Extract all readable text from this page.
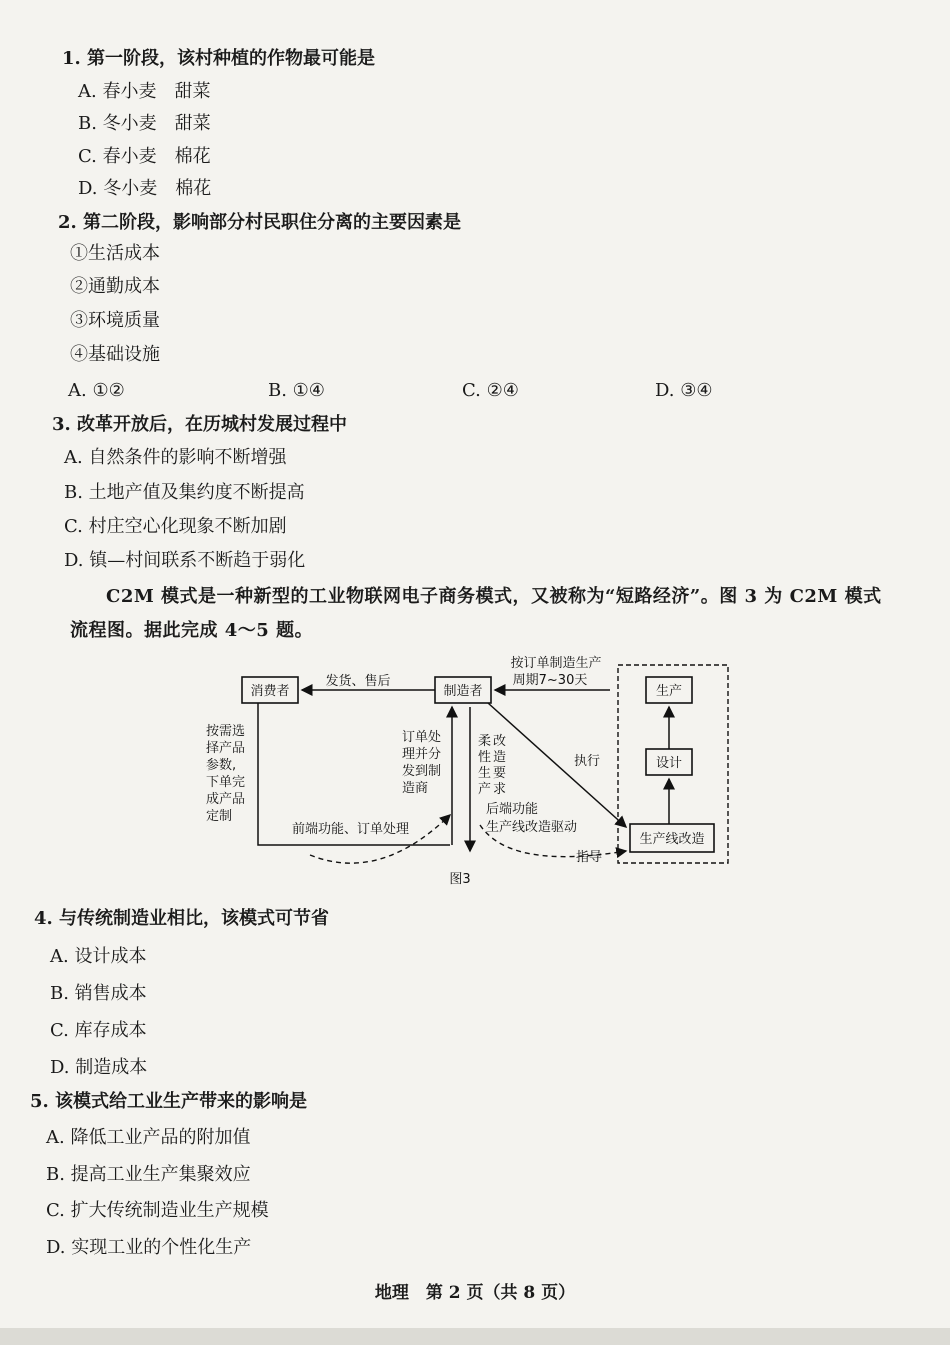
1. 第一阶段，该村种植的作物最可能是
A. 春小麦　甜菜
B. 冬小麦　甜菜
C. 春小麦　棉花
D. 冬小麦　棉花
2. 第二阶段，影响部分村民职住分离的主要因素是
①生活成本
②通勤成本
③环境质量
④基础设施
A. ①②	B. ①④	C. ②④	D. ③④
3. 改革开放后，在历城村发展过程中
A. 自然条件的影响不断增强
B. 土地产值及集约度不断提高
C. 村庄空心化现象不断加剧
D. 镇—村间联系不断趋于弱化
C2M 模式是一种新型的工业物联网电子商务模式，又被称为“短路经济”。图 3 为 C2M 模式流程图。据此完成 4～5 题。
消费者	制造者	生产
设计
生产线改造
发货、售后
按订单制造生产
周期7~30天
执行
按需选
择产品
参数,
下单完
成产品
定制
订单处
理并分
发到制
造商
柔
性
生
产
改
造
要
求
后端功能
生产线改造驱动
前端功能、订单处理
指导
图3
4. 与传统制造业相比，该模式可节省
A. 设计成本
B. 销售成本
C. 库存成本
D. 制造成本
5. 该模式给工业生产带来的影响是
A. 降低工业产品的附加值
B. 提高工业生产集聚效应
C. 扩大传统制造业生产规模
D. 实现工业的个性化生产
地理　第 2 页（共 8 页）
